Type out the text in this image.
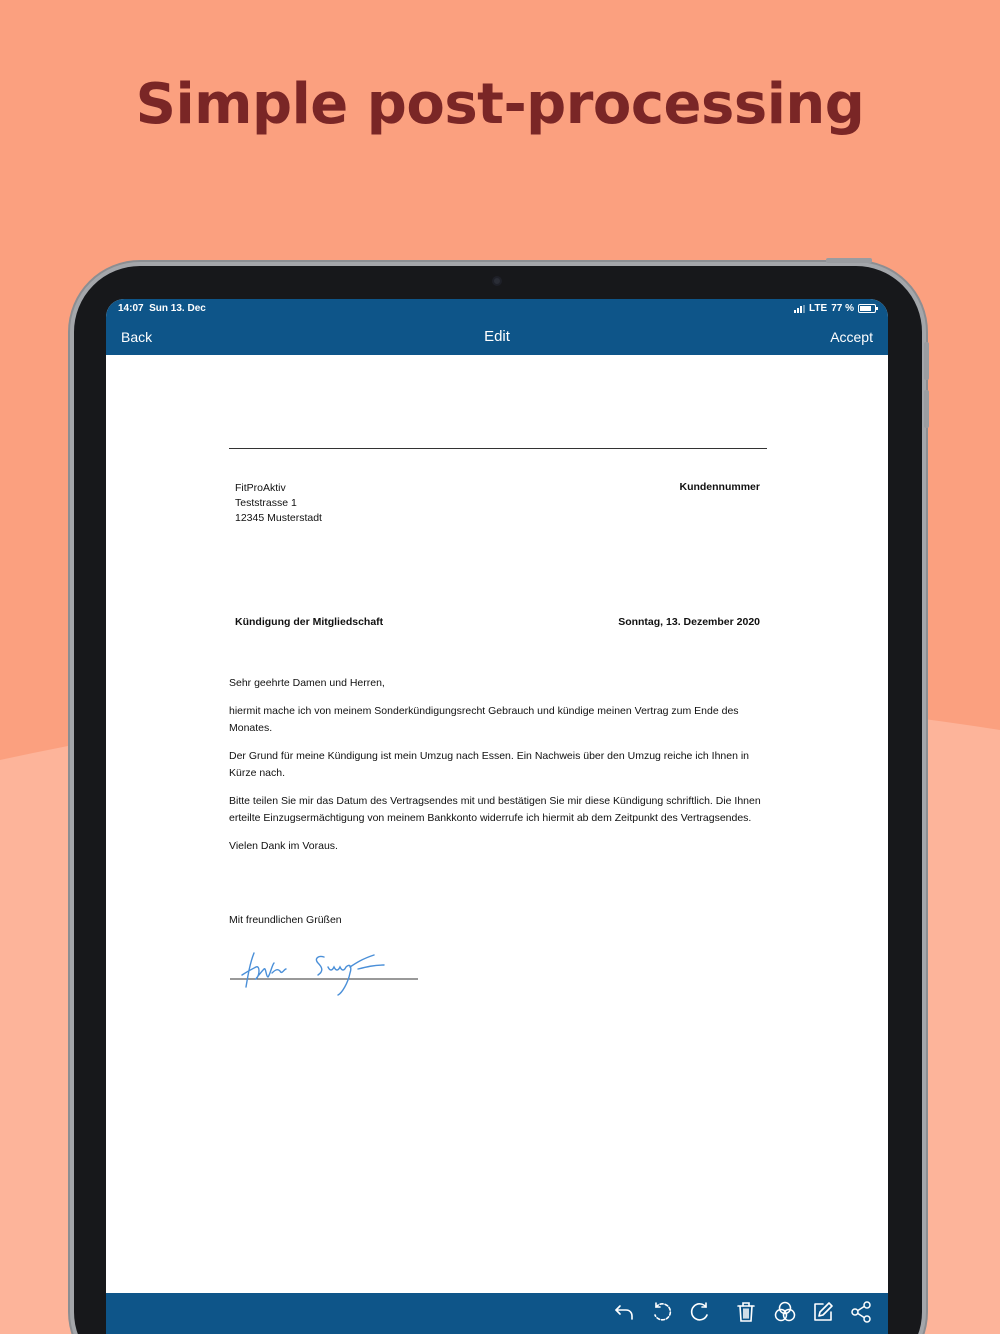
Simple post-processing
14:07 Sun 13. Dec	LTE 77 %
Back	Edit	Accept
FitProAktiv
Teststrasse 1
12345 Musterstadt
Kundennummer
Kündigung der Mitgliedschaft	Sonntag, 13. Dezember 2020

Sehr geehrte Damen und Herren,

hiermit mache ich von meinem Sonderkündigungsrecht Gebrauch und kündige meinen Vertrag zum Ende des Monates.

Der Grund für meine Kündigung ist mein Umzug nach Essen. Ein Nachweis über den Umzug reiche ich Ihnen in Kürze nach.

Bitte teilen Sie mir das Datum des Vertragsendes mit und bestätigen Sie mir diese Kündigung schriftlich. Die Ihnen erteilte Einzugsermächtigung von meinem Bankkonto widerrufe ich hiermit ab dem Zeitpunkt des Vertragsendes.

Vielen Dank im Voraus.

Mit freundlichen Grüßen
